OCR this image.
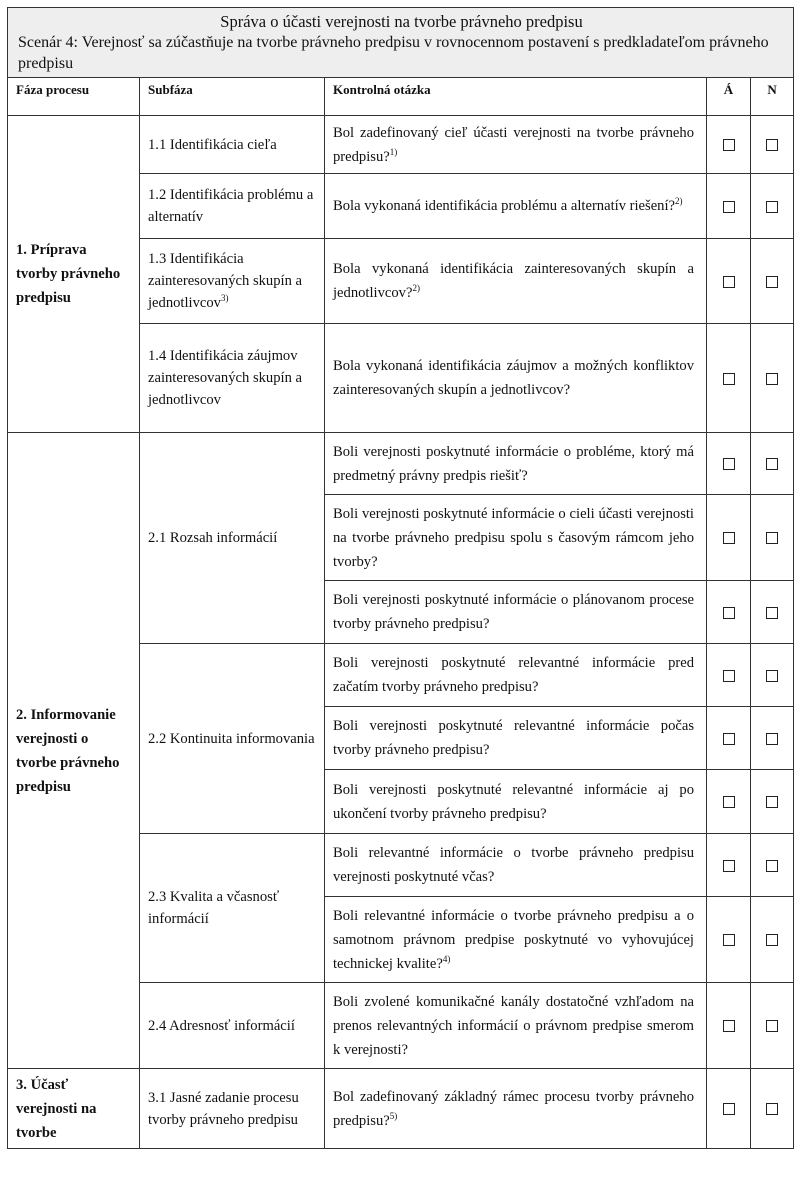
Správa o účasti verejnosti na tvorbe právneho predpisu
Scenár 4: Verejnosť sa zúčastňuje na tvorbe právneho predpisu v rovnocennom postavení s predkladateľom právneho predpisu				

Fáza procesu	Subfáza	Kontrolná otázka	Á	N
1. Príprava tvorby právneho predpisu	1.1 Identifikácia cieľa	Bol zadefinovaný cieľ účasti verejnosti na tvorbe právneho predpisu?$^{1)}$		
	1.2 Identifikácia problému a alternatív	Bola vykonaná identifikácia problému a alternatív riešení?$^{2)}$		
	1.3 Identifikácia zainteresovaných skupín a jednotlivcov$^{3)}$	Bola vykonaná identifikácia zainteresovaných skupín a jednotlivcov?$^{2)}$		
	1.4 Identifikácia záujmov zainteresovaných skupín a jednotlivcov	Bola vykonaná identifikácia záujmov a možných konfliktov zainteresovaných skupín a jednotlivcov?		
2. Informovanie verejnosti o tvorbe právneho predpisu	2.1 Rozsah informácií	Boli verejnosti poskytnuté informácie o probléme, ktorý má predmetný právny predpis riešiť?		
		Boli verejnosti poskytnuté informácie o cieli účasti verejnosti na tvorbe právneho predpisu spolu s časovým rámcom jeho tvorby?		
		Boli verejnosti poskytnuté informácie o plánovanom procese tvorby právneho predpisu?		
	2.2 Kontinuita informovania	Boli verejnosti poskytnuté relevantné informácie pred začatím tvorby právneho predpisu?		
		Boli verejnosti poskytnuté relevantné informácie počas tvorby právneho predpisu?		
		Boli verejnosti poskytnuté relevantné informácie aj po ukončení tvorby právneho predpisu?		
	2.3 Kvalita a včasnosť informácií	Boli relevantné informácie o tvorbe právneho predpisu verejnosti poskytnuté včas?		
		Boli relevantné informácie o tvorbe právneho predpisu a o samotnom právnom predpise poskytnuté vo vyhovujúcej technickej kvalite?$^{4)}$		
	2.4 Adresnosť informácií	Boli zvolené komunikačné kanály dostatočné vzhľadom na prenos relevantných informácií o právnom predpise smerom k verejnosti?		
3. Účasť verejnosti na tvorbe	3.1 Jasné zadanie procesu tvorby právneho predpisu	Bol zadefinovaný základný rámec procesu tvorby právneho predpisu?$^{5)}$		
